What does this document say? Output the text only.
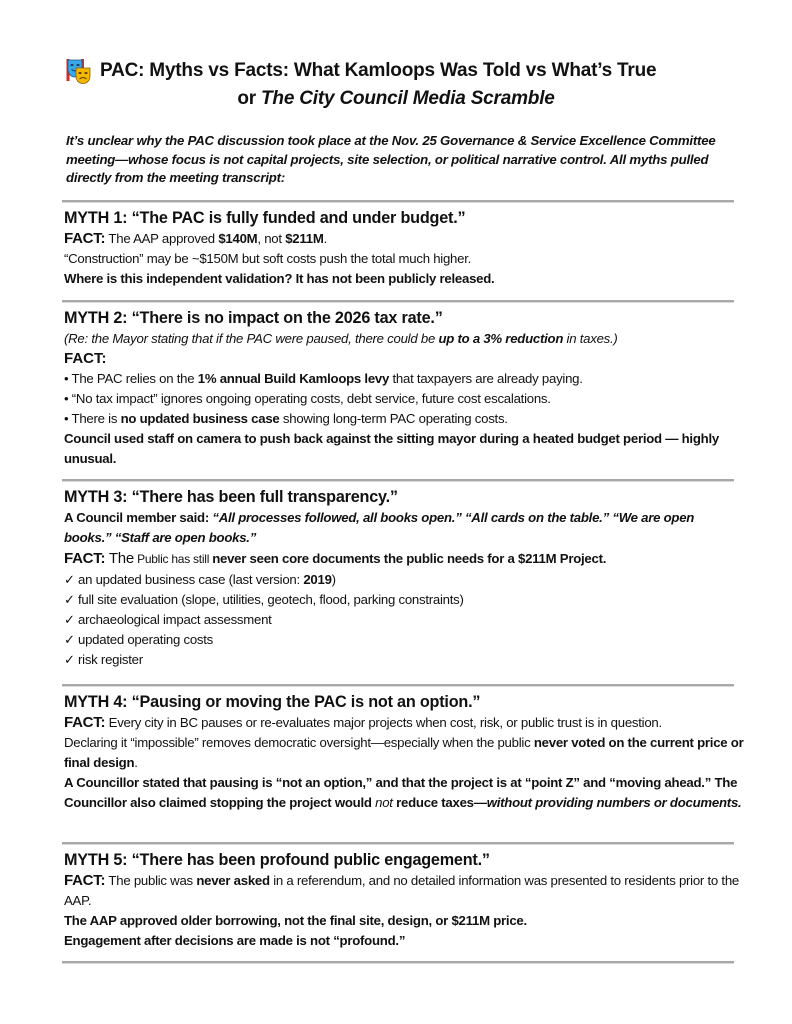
PAC: Myths vs Facts: What Kamloops Was Told vs What’s True
or The City Council Media Scramble
It’s unclear why the PAC discussion took place at the Nov. 25 Governance & Service Excellence Committee meeting—whose focus is not capital projects, site selection, or political narrative control. All myths pulled directly from the meeting transcript:
MYTH 1: “The PAC is fully funded and under budget.”
FACT: The AAP approved $140M, not $211M.
“Construction” may be ~$150M but soft costs push the total much higher.
Where is this independent validation? It has not been publicly released.
MYTH 2: “There is no impact on the 2026 tax rate.”
(Re: the Mayor stating that if the PAC were paused, there could be up to a 3% reduction in taxes.)
FACT:
• The PAC relies on the 1% annual Build Kamloops levy that taxpayers are already paying.
• “No tax impact” ignores ongoing operating costs, debt service, future cost escalations.
• There is no updated business case showing long-term PAC operating costs.
Council used staff on camera to push back against the sitting mayor during a heated budget period — highly unusual.
MYTH 3: “There has been full transparency.”
A Council member said: “All processes followed, all books open.” “All cards on the table.” “We are open books.” “Staff are open books.”
FACT: The Public has still never seen core documents the public needs for a $211M Project.
✓ an updated business case (last version: 2019)
✓ full site evaluation (slope, utilities, geotech, flood, parking constraints)
✓ archaeological impact assessment
✓ updated operating costs
✓ risk register
MYTH 4: “Pausing or moving the PAC is not an option.”
FACT: Every city in BC pauses or re-evaluates major projects when cost, risk, or public trust is in question.
Declaring it “impossible” removes democratic oversight—especially when the public never voted on the current price or final design.
A Councillor stated that pausing is “not an option,” and that the project is at “point Z” and “moving ahead.” The Councillor also claimed stopping the project would not reduce taxes—without providing numbers or documents.
MYTH 5: “There has been profound public engagement.”
FACT: The public was never asked in a referendum, and no detailed information was presented to residents prior to the AAP.
The AAP approved older borrowing, not the final site, design, or $211M price.
Engagement after decisions are made is not “profound.”
